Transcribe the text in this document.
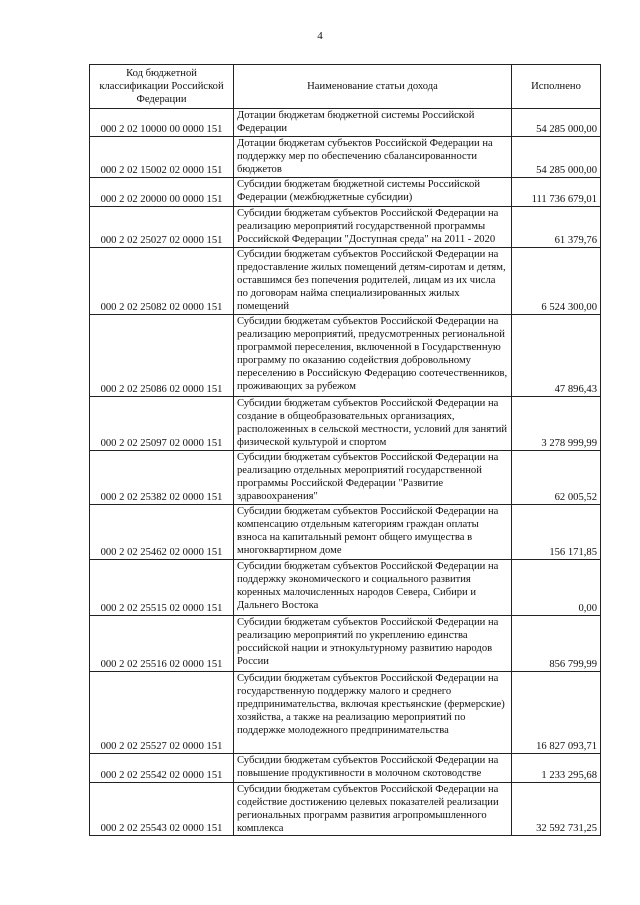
4
Код бюджетной классификации Российской Федерации	Наименование статьи дохода	Исполнено
000 2 02 10000 00 0000 151	Дотации бюджетам бюджетной системы Российской Федерации	54 285 000,00
000 2 02 15002 02 0000 151	Дотации бюджетам субъектов Российской Федерации на поддержку мер по обеспечению сбалансированности бюджетов	54 285 000,00
000 2 02 20000 00 0000 151	Субсидии бюджетам бюджетной системы Российской Федерации (межбюджетные субсидии)	111 736 679,01
000 2 02 25027 02 0000 151	Субсидии бюджетам субъектов Российской Федерации на реализацию мероприятий государственной программы Российской Федерации "Доступная среда" на 2011 - 2020	61 379,76
000 2 02 25082 02 0000 151	Субсидии бюджетам субъектов Российской Федерации на предоставление жилых помещений детям-сиротам и детям, оставшимся без попечения родителей, лицам из их числа по договорам найма специализированных жилых помещений	6 524 300,00
000 2 02 25086 02 0000 151	Субсидии бюджетам субъектов Российской Федерации на реализацию мероприятий, предусмотренных региональной программой переселения, включенной в Государственную программу по оказанию содействия добровольному переселению в Российскую Федерацию соотечественников, проживающих за рубежом	47 896,43
000 2 02 25097 02 0000 151	Субсидии бюджетам субъектов Российской Федерации на создание в общеобразовательных организациях, расположенных в сельской местности, условий для занятий физической культурой и спортом	3 278 999,99
000 2 02 25382 02 0000 151	Субсидии бюджетам субъектов Российской Федерации на реализацию отдельных мероприятий государственной программы Российской Федерации "Развитие здравоохранения"	62 005,52
000 2 02 25462 02 0000 151	Субсидии бюджетам субъектов Российской Федерации на компенсацию отдельным категориям граждан оплаты взноса на капитальный ремонт общего имущества в многоквартирном доме	156 171,85
000 2 02 25515 02 0000 151	Субсидии бюджетам субъектов Российской Федерации на поддержку экономического и социального развития коренных малочисленных народов Севера, Сибири и Дальнего Востока	0,00
000 2 02 25516 02 0000 151	Субсидии бюджетам субъектов Российской Федерации на реализацию мероприятий по укреплению единства российской нации и этнокультурному развитию народов России	856 799,99
000 2 02 25527 02 0000 151	Субсидии бюджетам субъектов Российской Федерации на государственную поддержку малого и среднего предпринимательства, включая крестьянские (фермерские) хозяйства, а также на реализацию мероприятий по поддержке молодежного предпринимательства	16 827 093,71
000 2 02 25542 02 0000 151	Субсидии бюджетам субъектов Российской Федерации на повышение продуктивности в молочном скотоводстве	1 233 295,68
000 2 02 25543 02 0000 151	Субсидии бюджетам субъектов Российской Федерации на содействие достижению целевых показателей реализации региональных программ развития агропромышленного комплекса	32 592 731,25
